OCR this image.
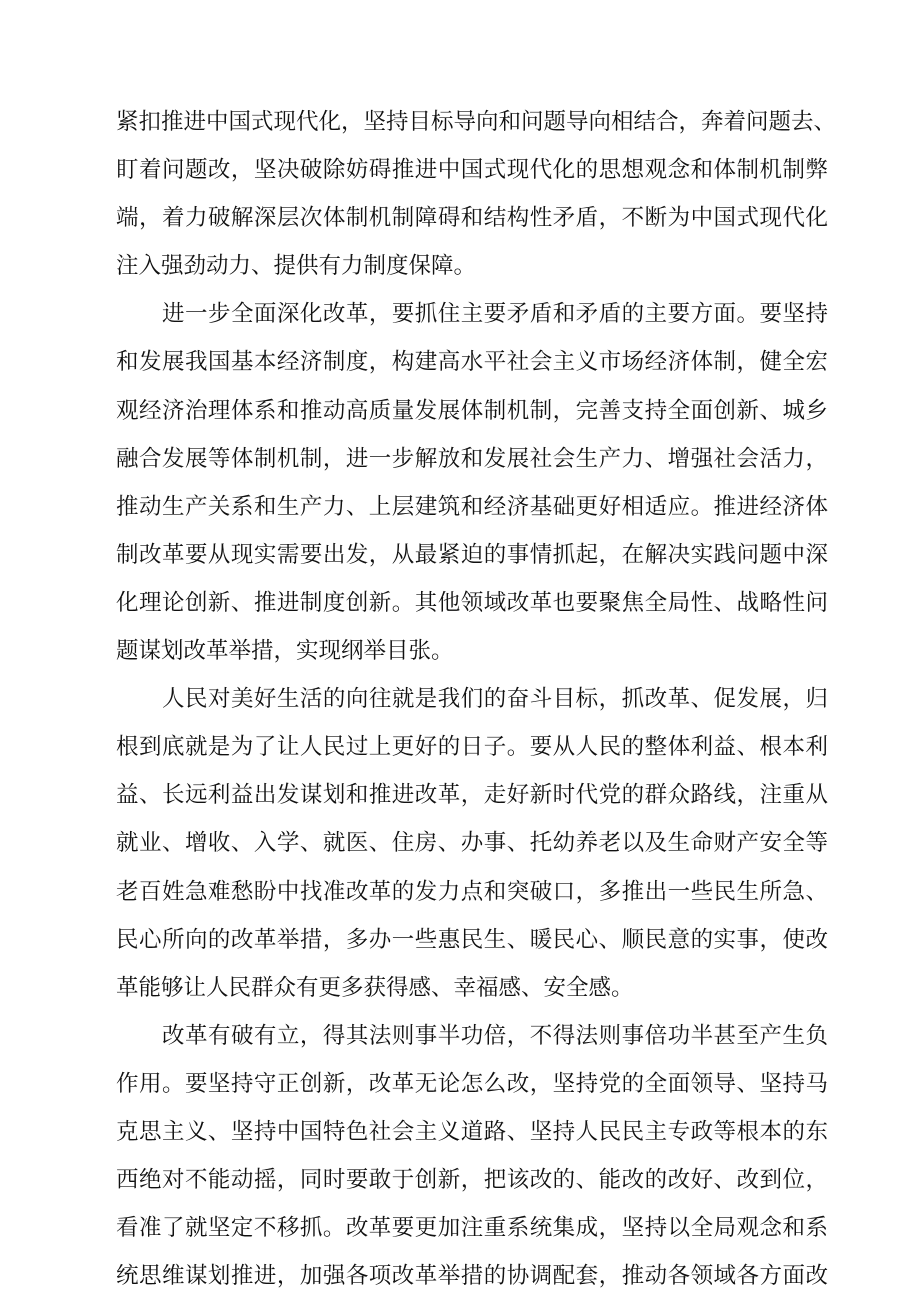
紧扣推进中国式现代化，坚持目标导向和问题导向相结合，奔着问题去、
盯着问题改，坚决破除妨碍推进中国式现代化的思想观念和体制机制弊
端，着力破解深层次体制机制障碍和结构性矛盾，不断为中国式现代化
注入强劲动力、提供有力制度保障。
进一步全面深化改革，要抓住主要矛盾和矛盾的主要方面。要坚持
和发展我国基本经济制度，构建高水平社会主义市场经济体制，健全宏
观经济治理体系和推动高质量发展体制机制，完善支持全面创新、城乡
融合发展等体制机制，进一步解放和发展社会生产力、增强社会活力，
推动生产关系和生产力、上层建筑和经济基础更好相适应。推进经济体
制改革要从现实需要出发，从最紧迫的事情抓起，在解决实践问题中深
化理论创新、推进制度创新。其他领域改革也要聚焦全局性、战略性问
题谋划改革举措，实现纲举目张。
人民对美好生活的向往就是我们的奋斗目标，抓改革、促发展，归
根到底就是为了让人民过上更好的日子。要从人民的整体利益、根本利
益、长远利益出发谋划和推进改革，走好新时代党的群众路线，注重从
就业、增收、入学、就医、住房、办事、托幼养老以及生命财产安全等
老百姓急难愁盼中找准改革的发力点和突破口，多推出一些民生所急、
民心所向的改革举措，多办一些惠民生、暖民心、顺民意的实事，使改
革能够让人民群众有更多获得感、幸福感、安全感。
改革有破有立，得其法则事半功倍，不得法则事倍功半甚至产生负
作用。要坚持守正创新，改革无论怎么改，坚持党的全面领导、坚持马
克思主义、坚持中国特色社会主义道路、坚持人民民主专政等根本的东
西绝对不能动摇，同时要敢于创新，把该改的、能改的改好、改到位，
看准了就坚定不移抓。改革要更加注重系统集成，坚持以全局观念和系
统思维谋划推进，加强各项改革举措的协调配套，推动各领域各方面改
